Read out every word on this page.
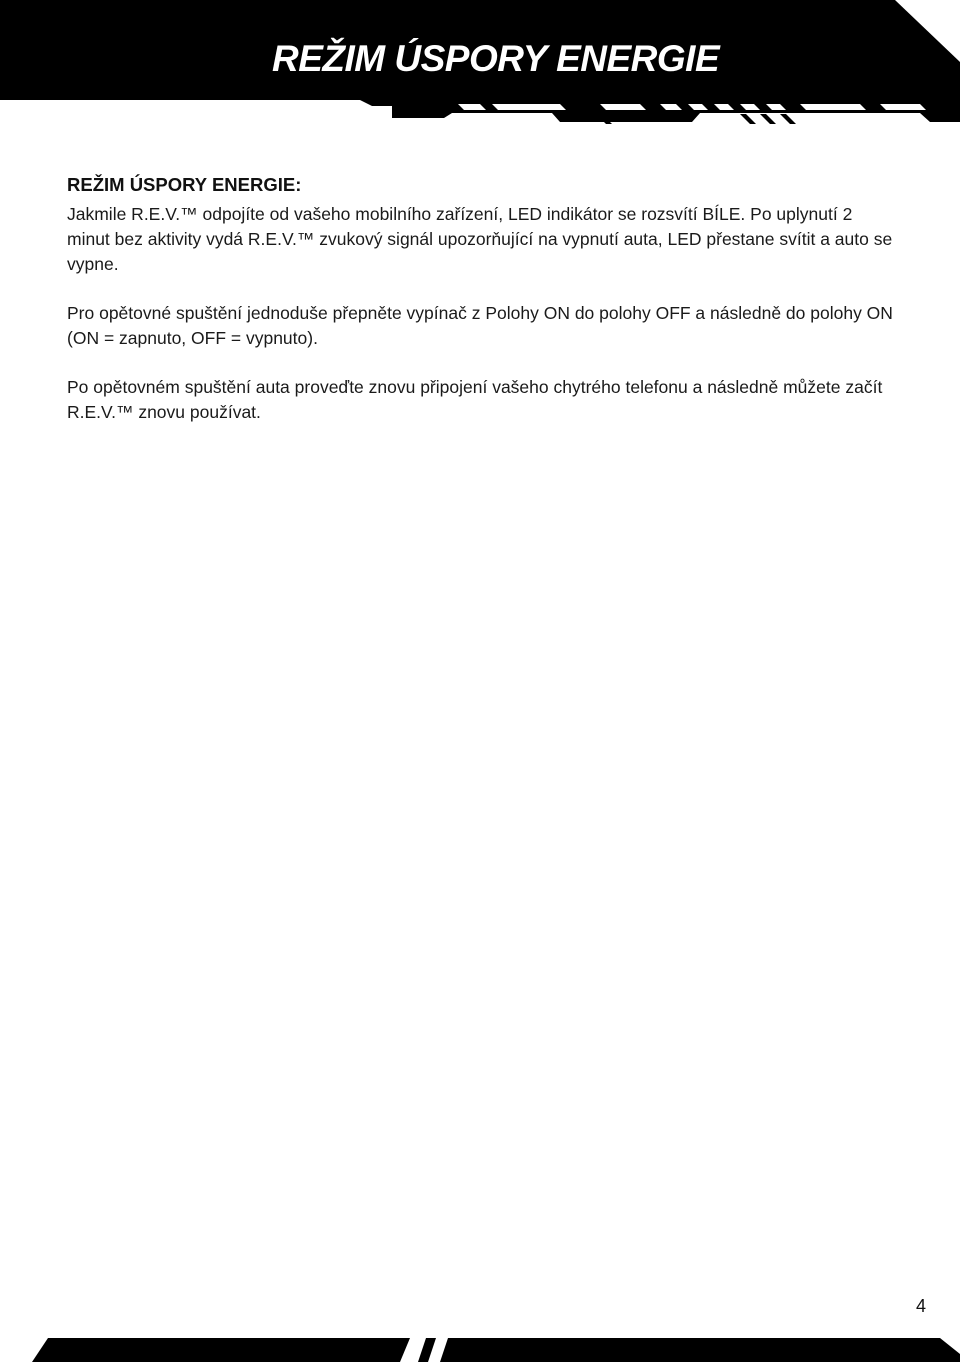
REŽIM ÚSPORY ENERGIE
REŽIM ÚSPORY ENERGIE:

Jakmile R.E.V.™ odpojíte od vašeho mobilního zařízení, LED indikátor se rozsvítí BÍLE. Po uplynutí 2 minut bez aktivity vydá R.E.V.™ zvukový signál upozorňující na vypnutí auta, LED přestane svítit a auto se vypne.

Pro opětovné spuštění jednoduše přepněte vypínač z Polohy ON do polohy OFF a následně do polohy ON (ON = zapnuto, OFF = vypnuto).

Po opětovném spuštění auta proveďte znovu připojení vašeho chytrého telefonu a následně můžete začít R.E.V.™ znovu používat.

4
